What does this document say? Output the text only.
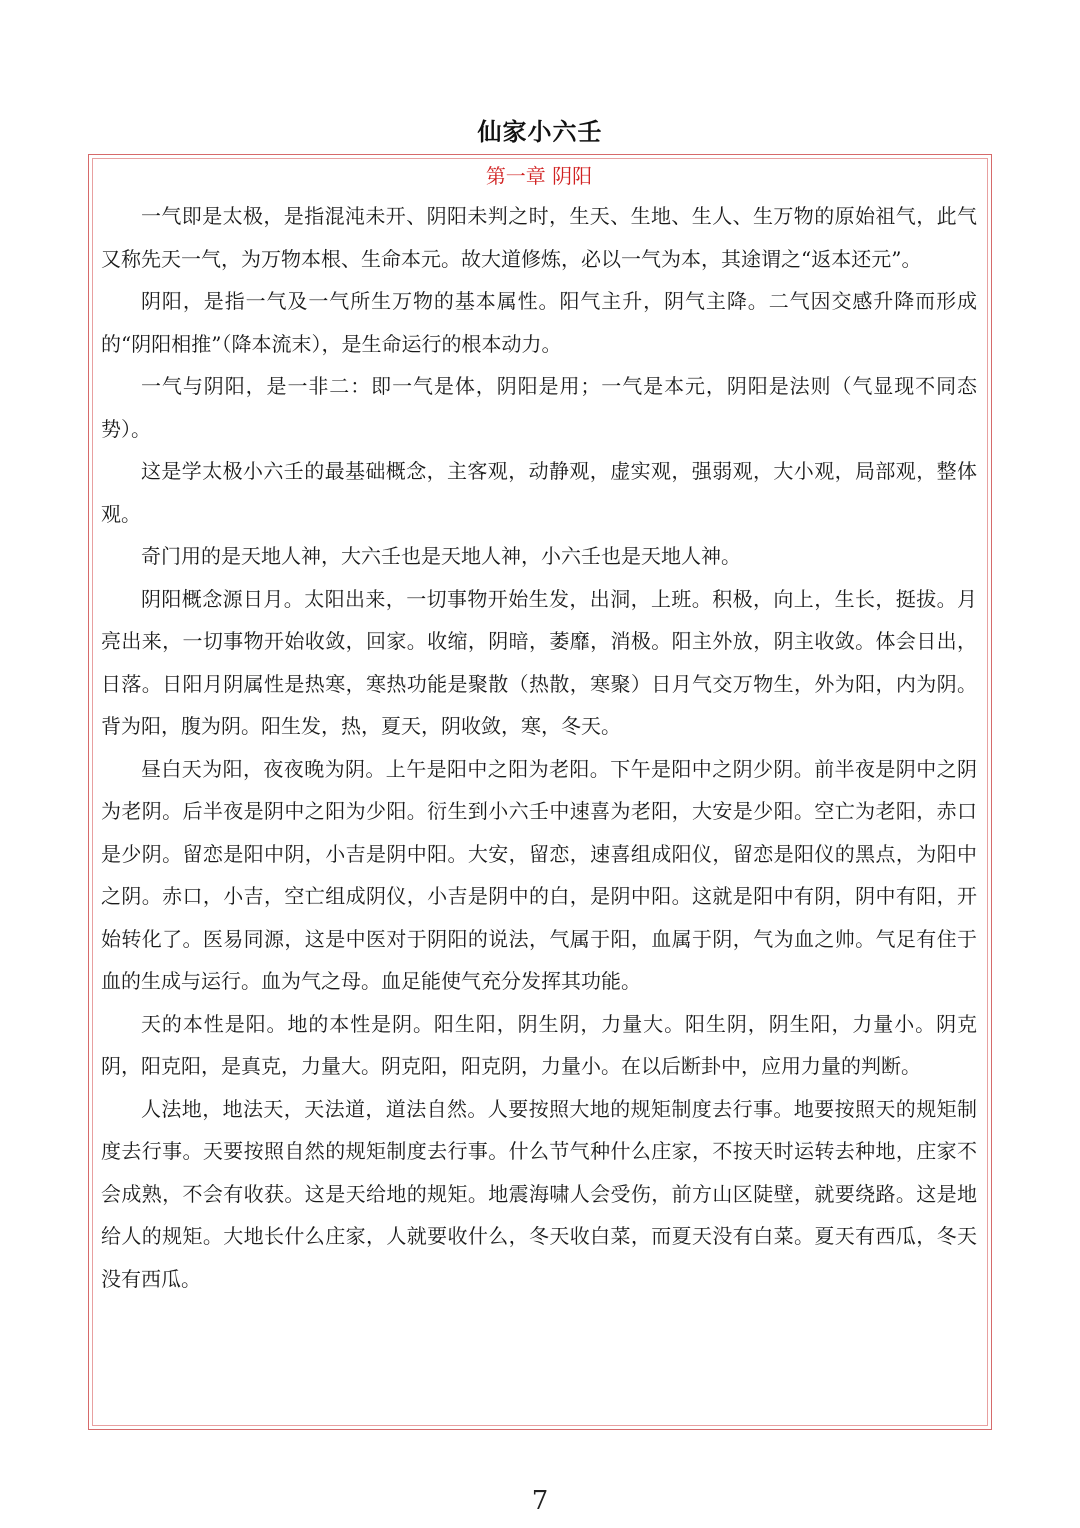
仙家小六壬
第一章 阴阳

一气即是太极，是指混沌未开、阴阳未判之时，生天、生地、生人、生万物的原始祖气，此气又称先天一气，为万物本根、生命本元。故大道修炼，必以一气为本，其途谓之“返本还元”。

阴阳，是指一气及一气所生万物的基本属性。阳气主升，阴气主降。二气因交感升降而形成的“阴阳相推”（降本流末），是生命运行的根本动力。

一气与阴阳，是一非二：即一气是体，阴阳是用；一气是本元，阴阳是法则（气显现不同态势）。

这是学太极小六壬的最基础概念，主客观，动静观，虚实观，强弱观，大小观，局部观，整体观。

奇门用的是天地人神，大六壬也是天地人神，小六壬也是天地人神。

阴阳概念源日月。太阳出来，一切事物开始生发，出洞，上班。积极，向上，生长，挺拔。月亮出来，一切事物开始收敛，回家。收缩，阴暗，萎靡，消极。阳主外放，阴主收敛。体会日出，日落。日阳月阴属性是热寒，寒热功能是聚散（热散，寒聚）日月气交万物生，外为阳，内为阴。背为阳，腹为阴。阳生发，热，夏天，阴收敛，寒，冬天。

昼白天为阳，夜夜晚为阴。上午是阳中之阳为老阳。下午是阳中之阴少阴。前半夜是阴中之阴为老阴。后半夜是阴中之阳为少阳。衍生到小六壬中速喜为老阳，大安是少阳。空亡为老阳，赤口是少阴。留恋是阳中阴，小吉是阴中阳。大安，留恋，速喜组成阳仪，留恋是阳仪的黑点，为阳中之阴。赤口，小吉，空亡组成阴仪，小吉是阴中的白，是阴中阳。这就是阳中有阴，阴中有阳，开始转化了。医易同源，这是中医对于阴阳的说法，气属于阳，血属于阴，气为血之帅。气足有住于血的生成与运行。血为气之母。血足能使气充分发挥其功能。

天的本性是阳。地的本性是阴。阳生阳，阴生阴，力量大。阳生阴，阴生阳，力量小。阴克阴，阳克阳，是真克，力量大。阴克阳，阳克阴，力量小。在以后断卦中，应用力量的判断。

人法地，地法天，天法道，道法自然。人要按照大地的规矩制度去行事。地要按照天的规矩制度去行事。天要按照自然的规矩制度去行事。什么节气种什么庄家，不按天时运转去种地，庄家不会成熟，不会有收获。这是天给地的规矩。地震海啸人会受伤，前方山区陡壁，就要绕路。这是地给人的规矩。大地长什么庄家，人就要收什么，冬天收白菜，而夏天没有白菜。夏天有西瓜，冬天没有西瓜。

7
